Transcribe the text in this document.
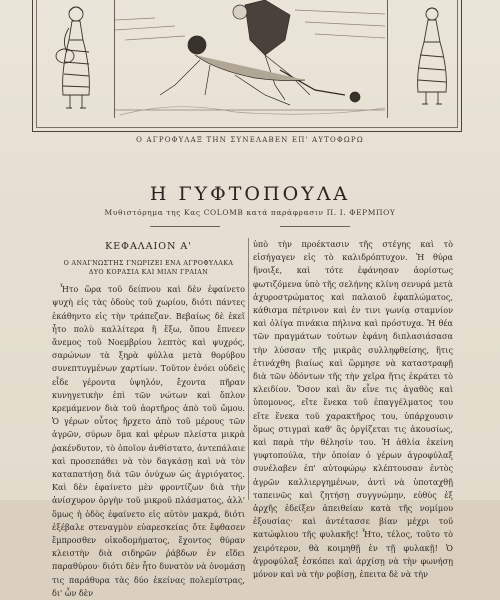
Ο ΑΓΡΟΦΥΛΑΞ ΤΗΝ ΣΥΝΕΛΑΒΕΝ ΕΠ' ΑΥΤΟΦΩΡΩ
Η ΓΥΦΤΟΠΟΥΛΑ
Μυθιστόρημα της Κας COLOMB κατά παράφρασιν Π. Ι. ΦΕΡΜΠΟΥ
ΚΕΦΑΛΑΙΟΝ Α'
Ο ΑΝΑΓΝΩΣΤΗΣ ΓΝΩΡΙΖΕΙ ΕΝΑ ΑΓΡΟΦΥΛΑΚΑ
ΔΥΟ ΚΟΡΑΣΙΑ ΚΑΙ ΜΙΑΝ ΓΡΑΙΑΝ

Ἦτο ὥρα τοῦ δείπνου καὶ δὲν ἐφαίνετο ψυχὴ εἰς τὰς ὁδοὺς τοῦ χωρίου, διότι πάντες ἐκάθηντο εἰς τὴν τράπεζαν. Βεβαίως δὲ ἐκεῖ ἦτο πολὺ καλλίτερα ἢ ἔξω, ὅπου ἔπνεεν ἄνεμος τοῦ Νοεμβρίου λεπτὸς καὶ ψυχρός, σαρώνων τὰ ξηρὰ φύλλα μετὰ θορύβου συνεπτυγμένων χαρτίων. Τοῦτον ἐνόει οὐδεὶς εἶδε γέροντα ὑψηλόν, ἔχοντα πῆραν κυνηγετικὴν ἐπὶ τῶν νώτων καὶ ὅπλον κρεμάμενον διὰ τοῦ ἀορτῆρος ἀπὸ τοῦ ὤμου. Ὁ γέρων οὗτος ἤρχετο ἀπὸ τοῦ μέρους τῶν ἀγρῶν, σύρων ὅμα καὶ φέρων πλείστα μικρὰ ῥακένδυτον, τὸ ὁποῖον ἀνθίστατο, ἀντεπάλαιε καὶ προσεπάθει νὰ τὸν δαγκάσῃ καὶ νὰ τὸν καταπατήσῃ διὰ τῶν ὀνύχων ὡς ἀγριόγατος. Καὶ δὲν ἐφαίνετο μὲν φροντίζων διὰ τὴν ἀνίσχυρον ὀργὴν τοῦ μικροῦ πλάσματος, ἀλλ' ὅμως ἡ ὁδὸς ἐφαίνετο εἰς αὐτὸν μακρά, διότι ἐξέβαλε στεναγμὸν εὐαρεσκείας ὅτε ἔφθασεν ἔμπροσθεν οἰκοδομήματος, ἔχοντος θύραν κλειστὴν διὰ σιδηρῶν ῥάβδων ἐν εἴδει παραθύρου· διότι δὲν ἦτο δυνατὸν νὰ ὀνομάσῃ τις παράθυρα τὰς δύο ἐκείνας πολεμίστρας, δι' ὧν δὲν

ὑπὸ τὴν προέκτασιν τῆς στέγης καὶ τὸ εἰσήγαγεν εἰς τὸ καλιδρόπτυχον. Ἡ θύρα ἤνοιξε, καὶ τότε ἐφάνησαν ἀορίστως φωτιζόμενα ὑπὸ τῆς σελήνης κλίνη σενυρά μετὰ ἀχυροστρώματος καὶ παλαιοῦ ἐφαπλώματος, κάθισμα πέτρινον καὶ ἐν τινι γωνίᾳ σταμνίον καὶ ὀλίγα πινάκια πήλινα καὶ πρόστυχα. Ἡ θέα τῶν πραγμάτων τούτων ἐφάνη διπλασιάσασα τὴν λύσσαν τῆς μικρᾶς συλληφθείσης, ἥτις ἐτινάχθη βιαίως καὶ ὥρμησε νὰ καταστραφῇ διὰ τῶν ὀδόντων τῆς τὴν χεῖρα ἥτις ἐκράτει τὸ κλειδίον. Ὅσον καὶ ἂν εἶνε τις ἀγαθὸς καὶ ὑπομονος, εἴτε ἕνεκα τοῦ ἐπαγγέλματος του εἴτε ἕνεκα τοῦ χαρακτῆρος του, ὑπάρχουσιν ὅμως στιγμαὶ καθ' ἃς ὀργίζεται τις ἀκουσίως, καὶ παρὰ τὴν θέλησίν του. Ἡ ἀθλία ἐκείνη γυφτοπούλα, τὴν ὁποίαν ὁ γέρων ἀγροφύλαξ συνέλαβεν ἐπ' αὐτοφώρῳ κλέπτουσαν ἐντὸς ἀγρῶν καλλιεργημένων, ἀντὶ νὰ ὑποταχθῇ ταπεινῶς καὶ ζητήσῃ συγγνώμην, εὐθὺς ἐξ ἀρχῆς ἐδείξεν ἀπειθείαν κατὰ τῆς νομίμου ἐξουσίας· καὶ ἀντέτασσε βίαν μέχρι τοῦ κατώφλιου τῆς φυλακῆς! Ἦτο, τέλος, τοῦτο τὸ χειρότερον, θὰ κοιμηθῇ ἐν τῇ φυλακῇ! Ὁ ἀγροφύλαξ ἐσκόπει καὶ ἀρχίσῃ νὰ τὴν φωνήσῃ μόνον καὶ νὰ τὴν ροβίσῃ, ἐπειτα δὲ νὰ τὴν
